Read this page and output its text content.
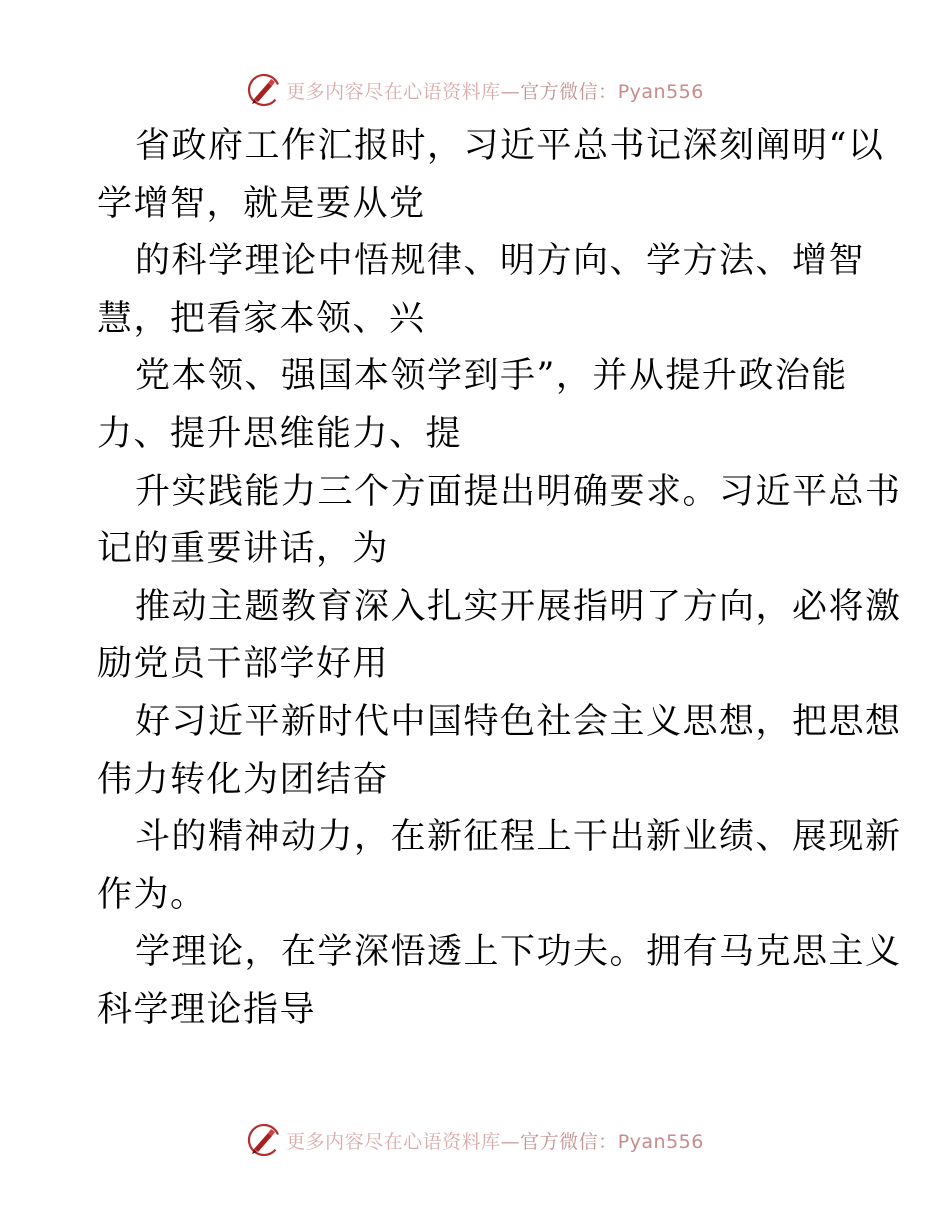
更多内容尽在心语资料库—官方微信：Pyan556
省政府工作汇报时，习近平总书记深刻阐明“以
学增智，就是要从党
的科学理论中悟规律、明方向、学方法、增智
慧，把看家本领、兴
党本领、强国本领学到手”，并从提升政治能
力、提升思维能力、提
升实践能力三个方面提出明确要求。习近平总书
记的重要讲话，为
推动主题教育深入扎实开展指明了方向，必将激
励党员干部学好用
好习近平新时代中国特色社会主义思想，把思想
伟力转化为团结奋
斗的精神动力，在新征程上干出新业绩、展现新
作为。
学理论，在学深悟透上下功夫。拥有马克思主义
科学理论指导
更多内容尽在心语资料库—官方微信：Pyan556
